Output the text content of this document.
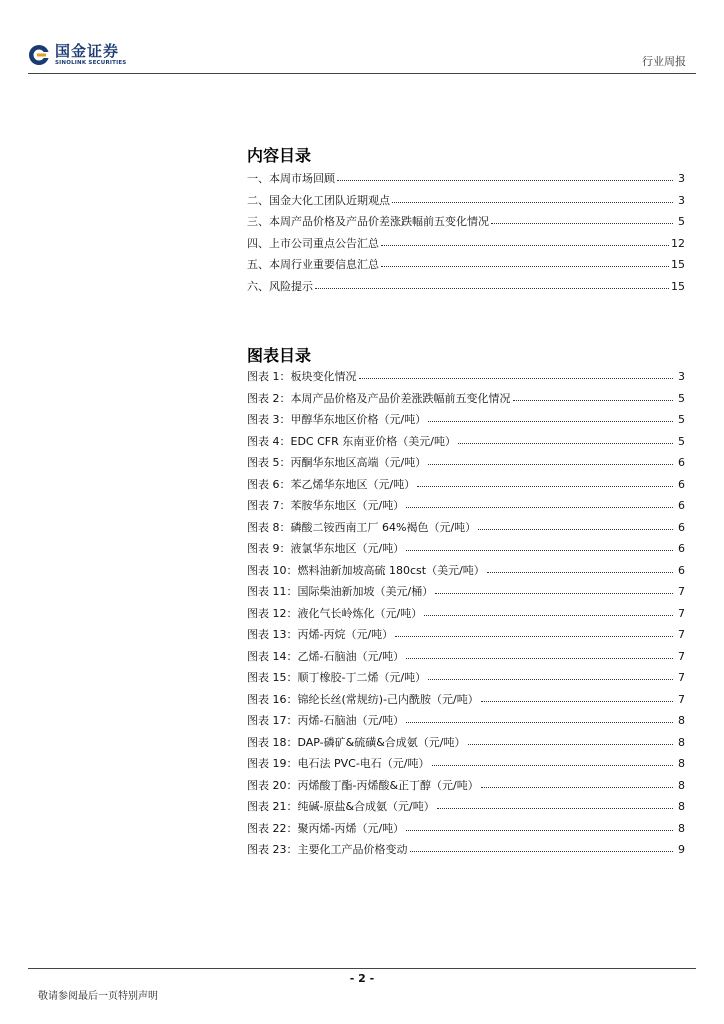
国金证券
SINOLINK SECURITIES	行业周报
内容目录
一、本周市场回顾	3
二、国金大化工团队近期观点	3
三、本周产品价格及产品价差涨跌幅前五变化情况	5
四、上市公司重点公告汇总	12
五、本周行业重要信息汇总	15
六、风险提示	15
图表目录
图表 1：板块变化情况	3
图表 2：本周产品价格及产品价差涨跌幅前五变化情况	5
图表 3：甲醇华东地区价格（元/吨）	5
图表 4：EDC CFR 东南亚价格（美元/吨）	5
图表 5：丙酮华东地区高端（元/吨）	6
图表 6：苯乙烯华东地区（元/吨）	6
图表 7：苯胺华东地区（元/吨）	6
图表 8：磷酸二铵西南工厂 64%褐色（元/吨）	6
图表 9：液氯华东地区（元/吨）	6
图表 10：燃料油新加坡高硫 180cst（美元/吨）	6
图表 11：国际柴油新加坡（美元/桶）	7
图表 12：液化气长岭炼化（元/吨）	7
图表 13：丙烯-丙烷（元/吨）	7
图表 14：乙烯-石脑油（元/吨）	7
图表 15：顺丁橡胶-丁二烯（元/吨）	7
图表 16：锦纶长丝(常规纺)-己内酰胺（元/吨）	7
图表 17：丙烯-石脑油（元/吨）	8
图表 18：DAP-磷矿&硫磺&合成氨（元/吨）	8
图表 19：电石法 PVC-电石（元/吨）	8
图表 20：丙烯酸丁酯-丙烯酸&正丁醇（元/吨）	8
图表 21：纯碱-原盐&合成氨（元/吨）	8
图表 22：聚丙烯-丙烯（元/吨）	8
图表 23：主要化工产品价格变动	9
- 2 -
敬请参阅最后一页特别声明
